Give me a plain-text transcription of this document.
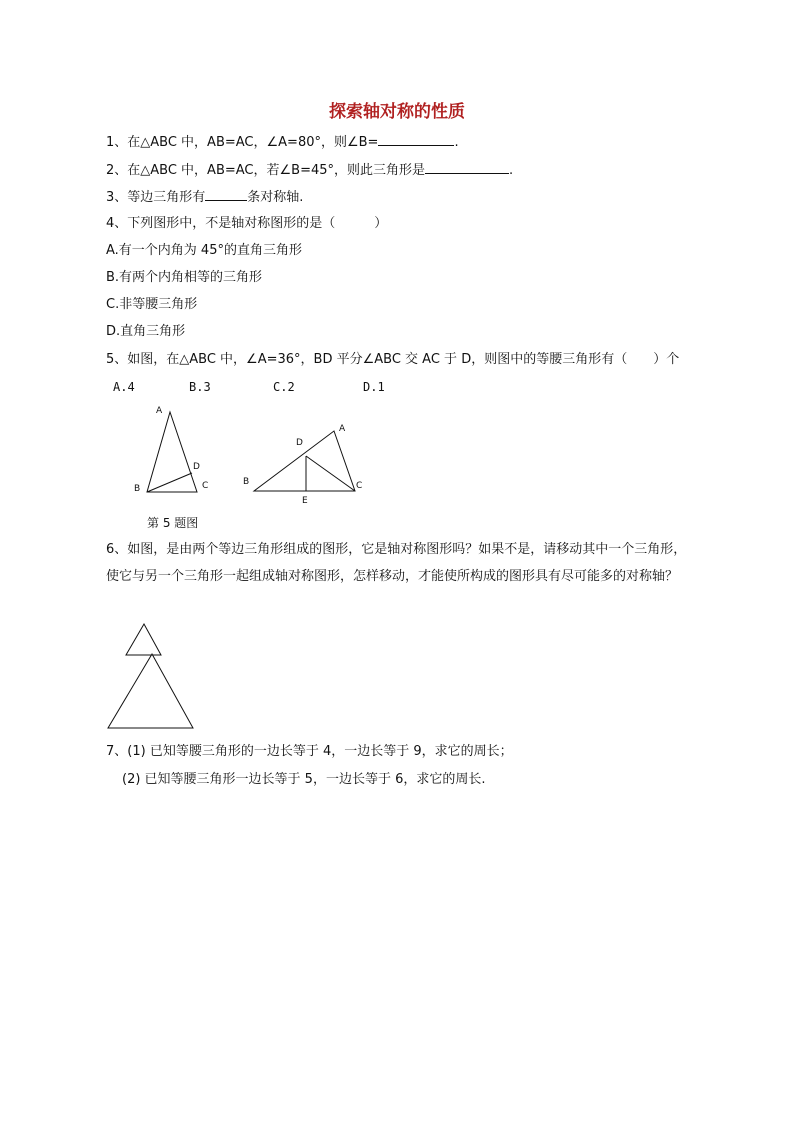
探索轴对称的性质
1、在△ABC 中，AB=AC，∠A=80°，则∠B=	.
2、在△ABC 中，AB=AC，若∠B=45°，则此三角形是	.
3、等边三角形有	条对称轴.
4、下列图形中，不是轴对称图形的是（　　　）
A.有一个内角为 45°的直角三角形
B.有两个内角相等的三角形
C.非等腰三角形
D.直角三角形
5、如图，在△ABC 中，∠A=36°，BD 平分∠ABC 交 AC 于 D，则图中的等腰三角形有（　　）个
A.4	B.3	C.2	D.1
A
B	C
D
A
B	C
D
E
第 5 题图
6、如图，是由两个等边三角形组成的图形，它是轴对称图形吗？如果不是，请移动其中一个三角形，使它与另一个三角形一起组成轴对称图形，怎样移动，才能使所构成的图形具有尽可能多的对称轴？
7、(1) 已知等腰三角形的一边长等于 4，一边长等于 9，求它的周长；
(2) 已知等腰三角形一边长等于 5，一边长等于 6，求它的周长.
